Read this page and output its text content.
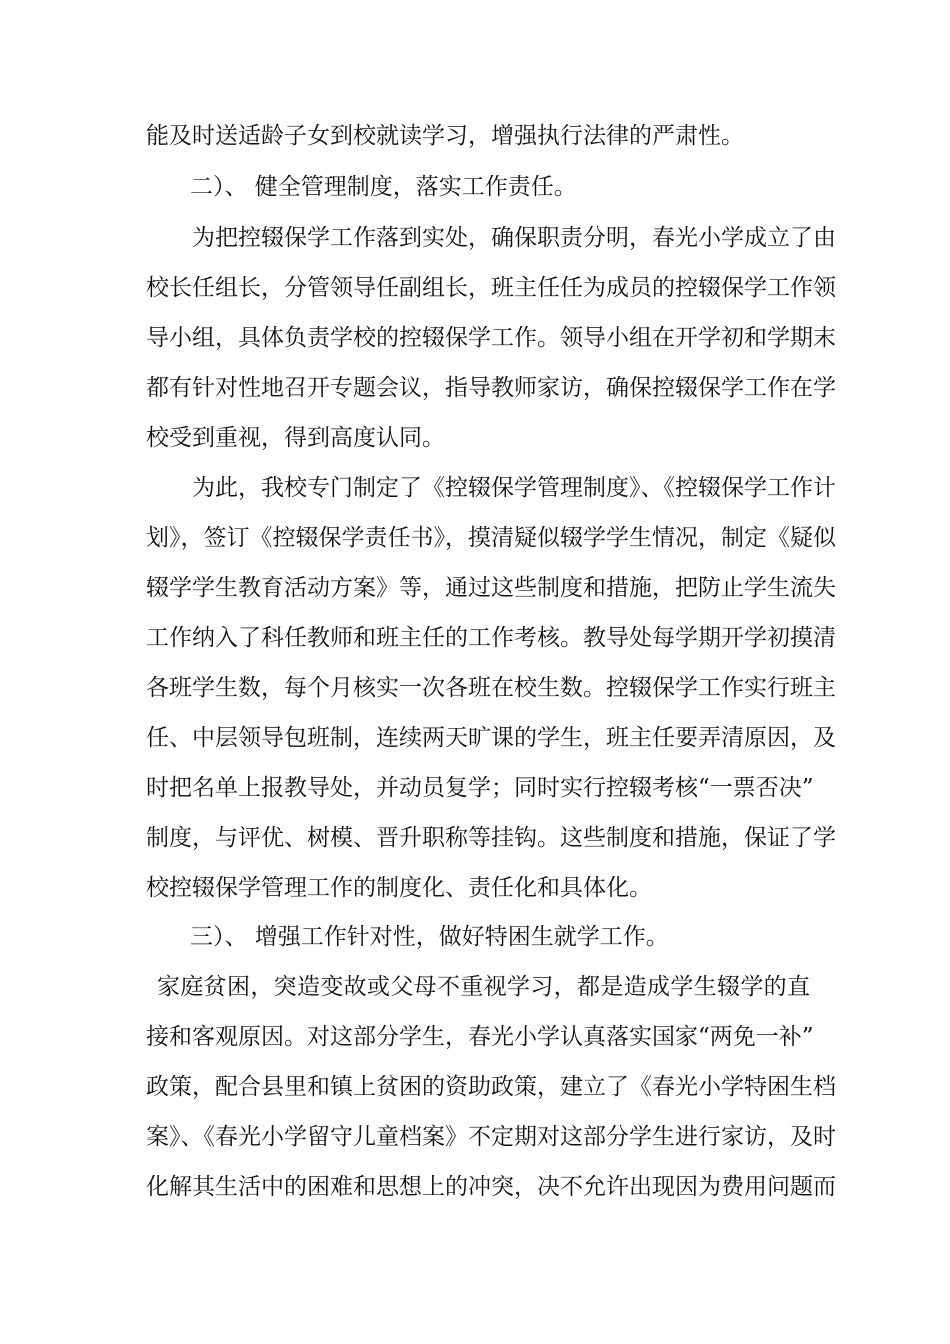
能及时送适龄子女到校就读学习，增强执行法律的严肃性。

二）、 健全管理制度，落实工作责任。

为把控辍保学工作落到实处，确保职责分明，春光小学成立了由

校长任组长，分管领导任副组长，班主任任为成员的控辍保学工作领

导小组，具体负责学校的控辍保学工作。领导小组在开学初和学期末

都有针对性地召开专题会议，指导教师家访，确保控辍保学工作在学

校受到重视，得到高度认同。

为此，我校专门制定了《控辍保学管理制度》、《控辍保学工作计

划》，签订《控辍保学责任书》，摸清疑似辍学学生情况，制定《疑似

辍学学生教育活动方案》等，通过这些制度和措施，把防止学生流失

工作纳入了科任教师和班主任的工作考核。教导处每学期开学初摸清

各班学生数，每个月核实一次各班在校生数。控辍保学工作实行班主

任、中层领导包班制，连续两天旷课的学生，班主任要弄清原因，及

时把名单上报教导处，并动员复学；同时实行控辍考核“一票否决”

制度，与评优、树模、晋升职称等挂钩。这些制度和措施，保证了学

校控辍保学管理工作的制度化、责任化和具体化。

三）、 增强工作针对性，做好特困生就学工作。

家庭贫困，突造变故或父母不重视学习，都是造成学生辍学的直

接和客观原因。对这部分学生，春光小学认真落实国家“两免一补”

政策，配合县里和镇上贫困的资助政策，建立了《春光小学特困生档

案》、《春光小学留守儿童档案》不定期对这部分学生进行家访，及时

化解其生活中的困难和思想上的冲突，决不允许出现因为费用问题而
